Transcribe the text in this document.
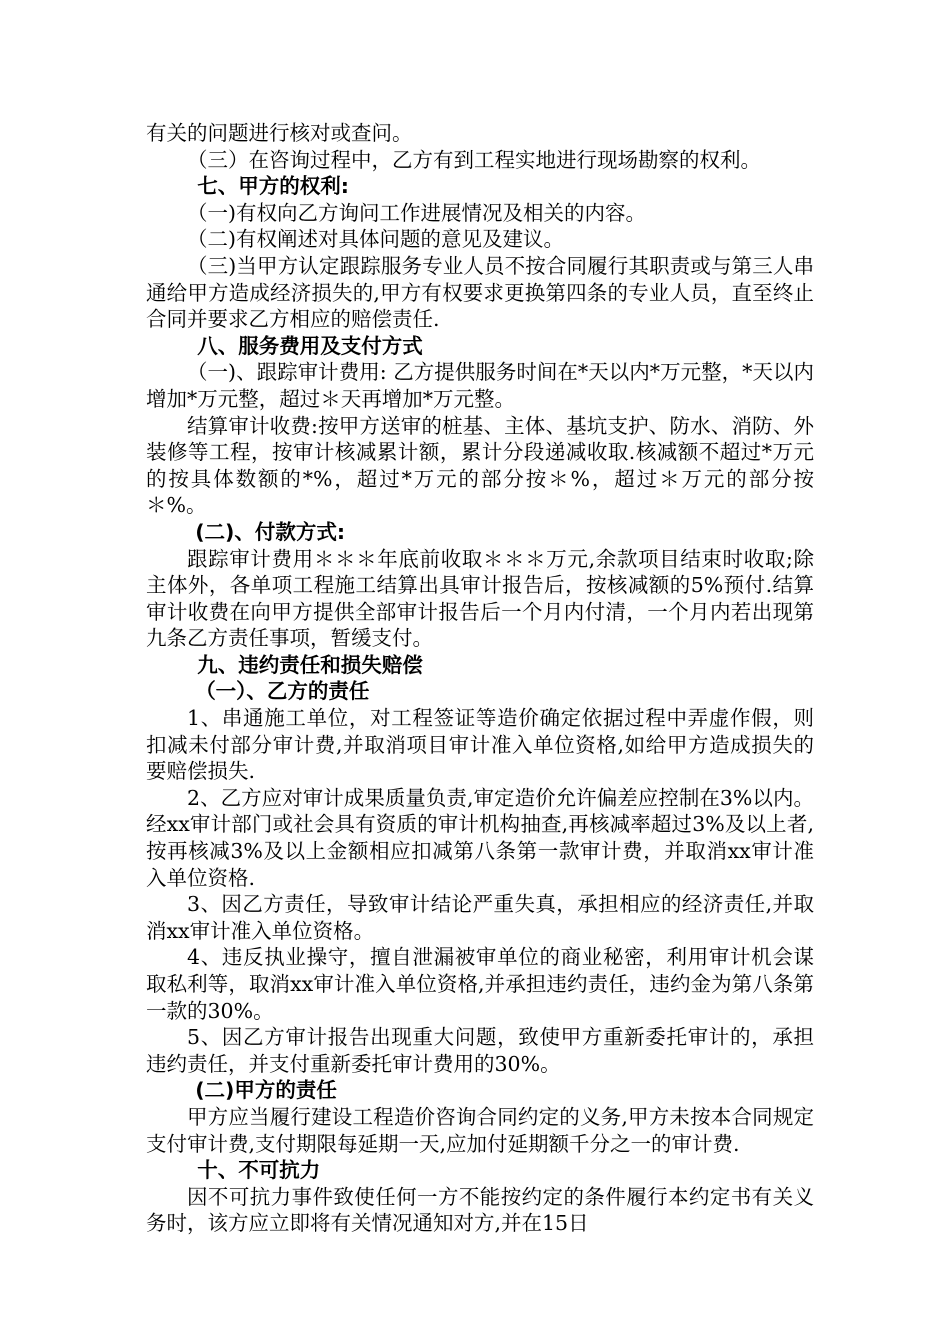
有关的问题进行核对或查问。

（三）在咨询过程中，乙方有到工程实地进行现场勘察的权利。

七、甲方的权利:

（一)有权向乙方询问工作进展情况及相关的内容。

（二)有权阐述对具体问题的意见及建议。

（三)当甲方认定跟踪服务专业人员不按合同履行其职责或与第三人串通给甲方造成经济损失的,甲方有权要求更换第四条的专业人员，直至终止合同并要求乙方相应的赔偿责任.

八、服务费用及支付方式

（一)、跟踪审计费用: 乙方提供服务时间在*天以内*万元整，*天以内增加*万元整，超过＊天再增加*万元整。

结算审计收费:按甲方送审的桩基、主体、基坑支护、防水、消防、外装修等工程，按审计核减累计额，累计分段递减收取.核减额不超过*万元的按具体数额的*%，超过*万元的部分按＊%，超过＊万元的部分按＊%。

(二)、付款方式:

跟踪审计费用＊＊＊年底前收取＊＊＊万元,余款项目结束时收取;除主体外，各单项工程施工结算出具审计报告后，按核减额的5%预付.结算审计收费在向甲方提供全部审计报告后一个月内付清，一个月内若出现第九条乙方责任事项，暂缓支付。

九、违约责任和损失赔偿

（一）、乙方的责任

1、串通施工单位，对工程签证等造价确定依据过程中弄虚作假，则扣减未付部分审计费,并取消项目审计准入单位资格,如给甲方造成损失的要赔偿损失.

2、乙方应对审计成果质量负责,审定造价允许偏差应控制在3%以内。经xx审计部门或社会具有资质的审计机构抽查,再核减率超过3%及以上者,按再核减3%及以上金额相应扣减第八条第一款审计费，并取消xx审计准入单位资格.

3、因乙方责任，导致审计结论严重失真，承担相应的经济责任,并取消xx审计准入单位资格。

4、违反执业操守，擅自泄漏被审单位的商业秘密，利用审计机会谋取私利等，取消xx审计准入单位资格,并承担违约责任，违约金为第八条第一款的30%。

5、因乙方审计报告出现重大问题，致使甲方重新委托审计的，承担违约责任，并支付重新委托审计费用的30%。

(二)甲方的责任

甲方应当履行建设工程造价咨询合同约定的义务,甲方未按本合同规定支付审计费,支付期限每延期一天,应加付延期额千分之一的审计费.

十、不可抗力

因不可抗力事件致使任何一方不能按约定的条件履行本约定书有关义务时，该方应立即将有关情况通知对方,并在15日
